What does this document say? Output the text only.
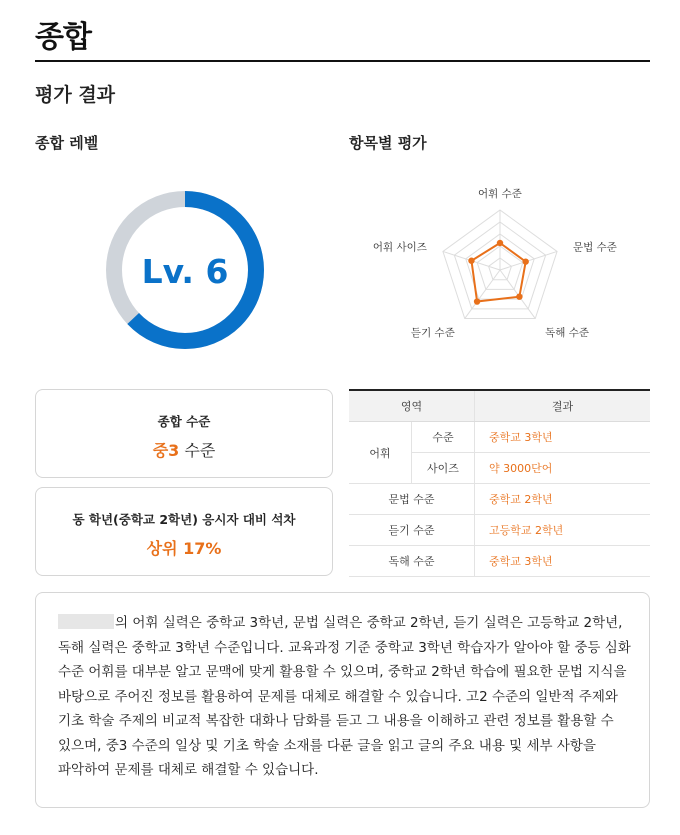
종합
평가 결과
종합 레벨
Lv. 6
항목별 평가
어휘 수준
문법 수준
독해 수준
듣기 수준
어휘 사이즈
종합 수준
중3 수준
동 학년(중학교 2학년) 응시자 대비 석차
상위 17%
영역		결과
어휘	수준	중학교 3학년
	사이즈	약 3000단어
문법 수준		중학교 2학년
듣기 수준		고등학교 2학년
독해 수준		중학교 3학년
의 어휘 실력은 중학교 3학년, 문법 실력은 중학교 2학년, 듣기 실력은 고등학교 2학년, 독해 실력은 중학교 3학년 수준입니다. 교육과정 기준 중학교 3학년 학습자가 알아야 할 중등 심화 수준 어휘를 대부분 알고 문맥에 맞게 활용할 수 있으며, 중학교 2학년 학습에 필요한 문법 지식을 바탕으로 주어진 정보를 활용하여 문제를 대체로 해결할 수 있습니다. 고2 수준의 일반적 주제와 기초 학술 주제의 비교적 복잡한 대화나 담화를 듣고 그 내용을 이해하고 관련 정보를 활용할 수 있으며, 중3 수준의 일상 및 기초 학술 소재를 다룬 글을 읽고 글의 주요 내용 및 세부 사항을 파악하여 문제를 대체로 해결할 수 있습니다.
